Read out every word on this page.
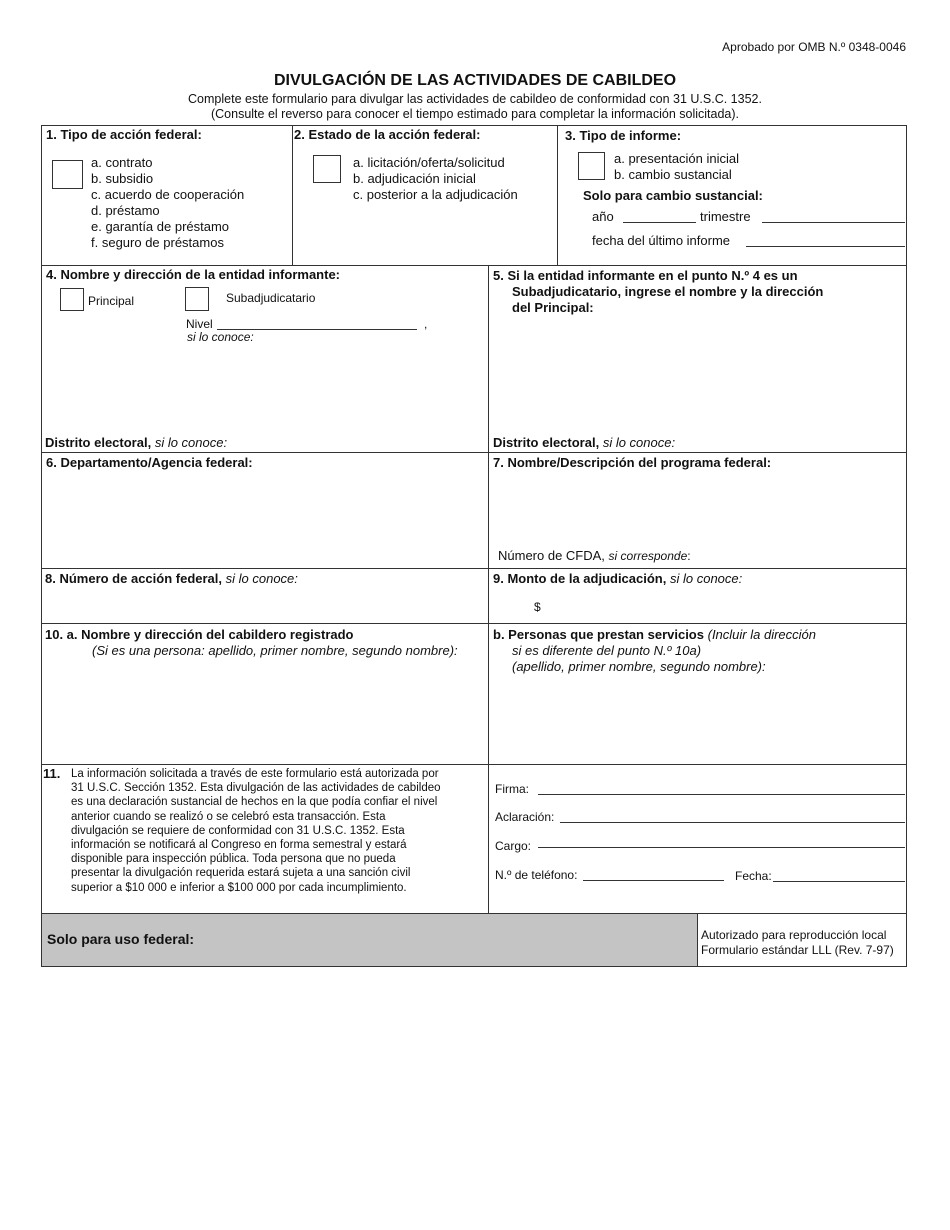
Aprobado por OMB N.º 0348-0046
DIVULGACIÓN DE LAS ACTIVIDADES DE CABILDEO
Complete este formulario para divulgar las actividades de cabildeo de conformidad con 31 U.S.C. 1352.
(Consulte el reverso para conocer el tiempo estimado para completar la información solicitada).
1. Tipo de acción federal:
a. contrato
b. subsidio
c. acuerdo de cooperación
d. préstamo
e. garantía de préstamo
f. seguro de préstamos
2. Estado de la acción federal:
a. licitación/oferta/solicitud
b. adjudicación inicial
c. posterior a la adjudicación
3. Tipo de informe:
a. presentación inicial
b. cambio sustancial
Solo para cambio sustancial:
año	trimestre
fecha del último informe
4. Nombre y dirección de la entidad informante:
Principal	Subadjudicatario
Nivel	,
si lo conoce:
Distrito electoral, si lo conoce:
5. Si la entidad informante en el punto N.º 4 es un
Subadjudicatario, ingrese el nombre y la dirección
del Principal:
Distrito electoral, si lo conoce:
6. Departamento/Agencia federal:	7. Nombre/Descripción del programa federal:
Número de CFDA, si corresponde:
8. Número de acción federal, si lo conoce:	9. Monto de la adjudicación, si lo conoce:
$
10. a. Nombre y dirección del cabildero registrado
(Si es una persona: apellido, primer nombre, segundo nombre):
b. Personas que prestan servicios (Incluir la dirección
si es diferente del punto N.º 10a)
(apellido, primer nombre, segundo nombre):
11. La información solicitada a través de este formulario está autorizada por
31 U.S.C. Sección 1352. Esta divulgación de las actividades de cabildeo
es una declaración sustancial de hechos en la que podía confiar el nivel
anterior cuando se realizó o se celebró esta transacción. Esta
divulgación se requiere de conformidad con 31 U.S.C. 1352. Esta
información se notificará al Congreso en forma semestral y estará
disponible para inspección pública. Toda persona que no pueda
presentar la divulgación requerida estará sujeta a una sanción civil
superior a $10 000 e inferior a $100 000 por cada incumplimiento.
Firma:
Aclaración:
Cargo:
N.º de teléfono:	Fecha:
Solo para uso federal:	Autorizado para reproducción local
Formulario estándar LLL (Rev. 7-97)
